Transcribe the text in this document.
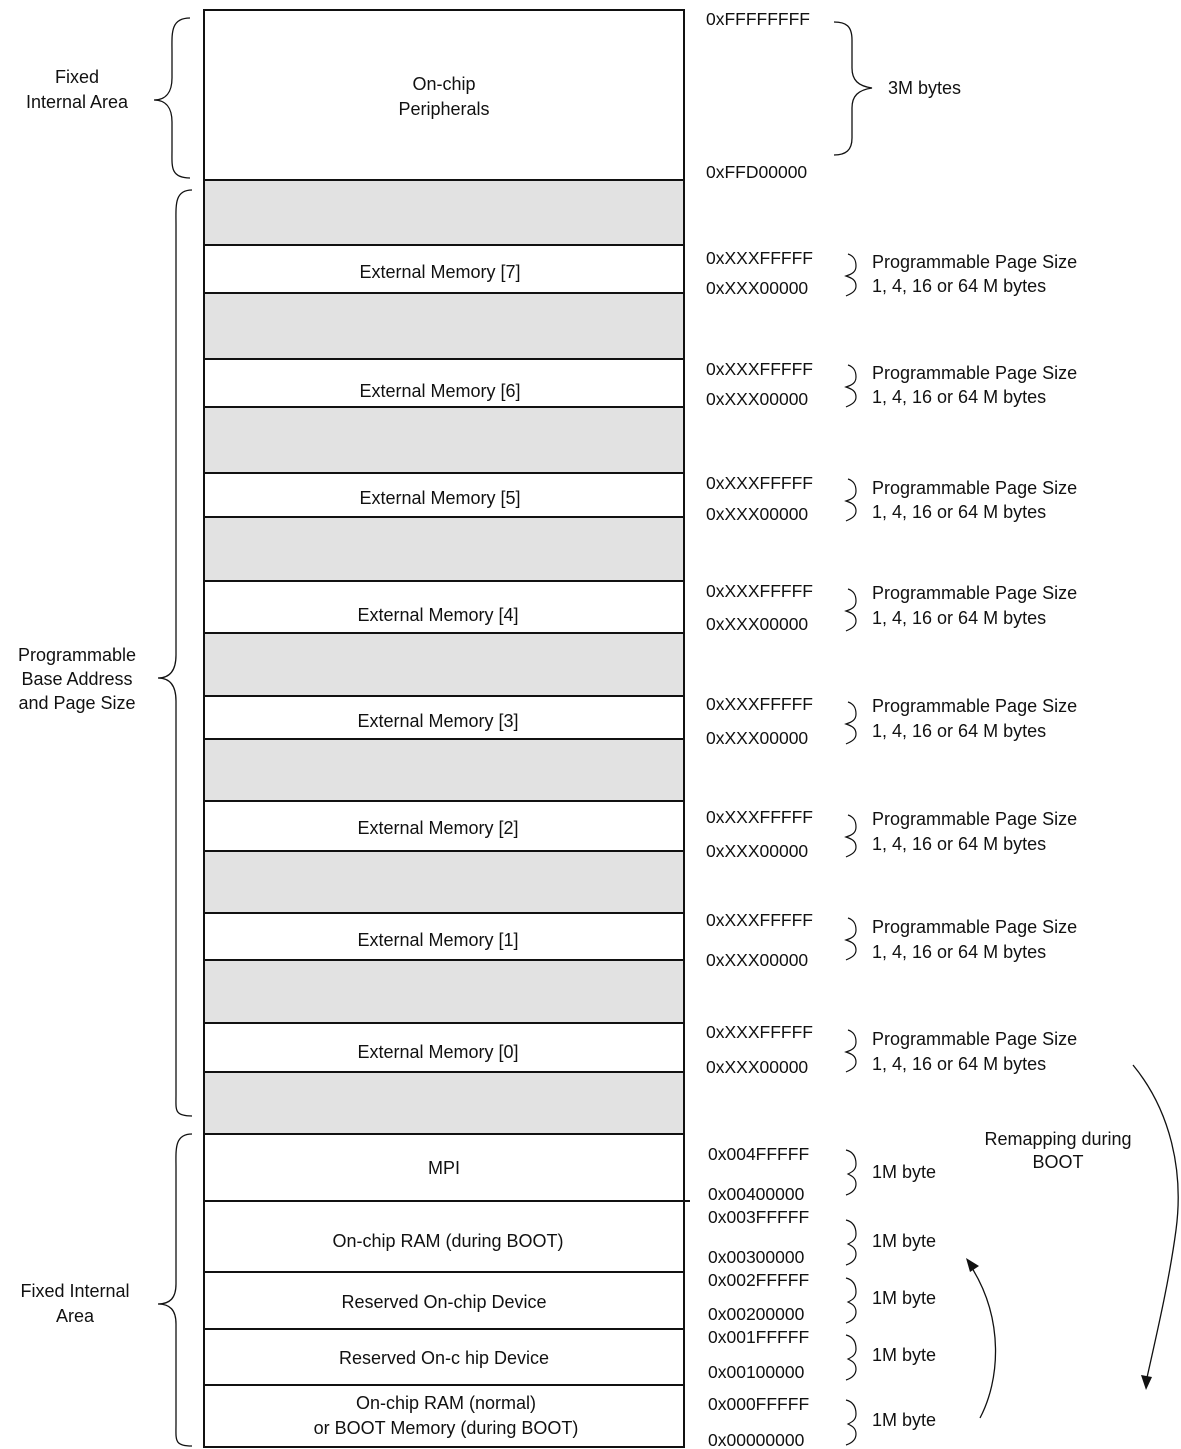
Fixed
Internal Area
Programmable
Base Address
and Page Size
Fixed Internal
Area
On-chip
Peripherals
External Memory [7]
External Memory [6]
External Memory [5]
External Memory [4]
External Memory [3]
External Memory [2]
External Memory [1]
External Memory [0]
MPI
On-chip RAM (during BOOT)
Reserved On-chip Device
Reserved On-c hip Device
On-chip RAM (normal)
or BOOT Memory (during BOOT)
0xFFFFFFFF
0xFFD00000
3M bytes
0xXXXFFFFF
0xXXX00000
Programmable Page Size
1, 4, 16 or 64 M bytes
0xXXXFFFFF
0xXXX00000
Programmable Page Size
1, 4, 16 or 64 M bytes
0xXXXFFFFF
0xXXX00000
Programmable Page Size
1, 4, 16 or 64 M bytes
0xXXXFFFFF
0xXXX00000
Programmable Page Size
1, 4, 16 or 64 M bytes
0xXXXFFFFF
0xXXX00000
Programmable Page Size
1, 4, 16 or 64 M bytes
0xXXXFFFFF
0xXXX00000
Programmable Page Size
1, 4, 16 or 64 M bytes
0xXXXFFFFF
0xXXX00000
Programmable Page Size
1, 4, 16 or 64 M bytes
0xXXXFFFFF
0xXXX00000
Programmable Page Size
1, 4, 16 or 64 M bytes
0x004FFFFF
0x00400000
1M byte
0x003FFFFF
0x00300000
1M byte
0x002FFFFF
0x00200000
1M byte
0x001FFFFF
0x00100000
1M byte
0x000FFFFF
0x00000000
1M byte
Remapping during
BOOT
